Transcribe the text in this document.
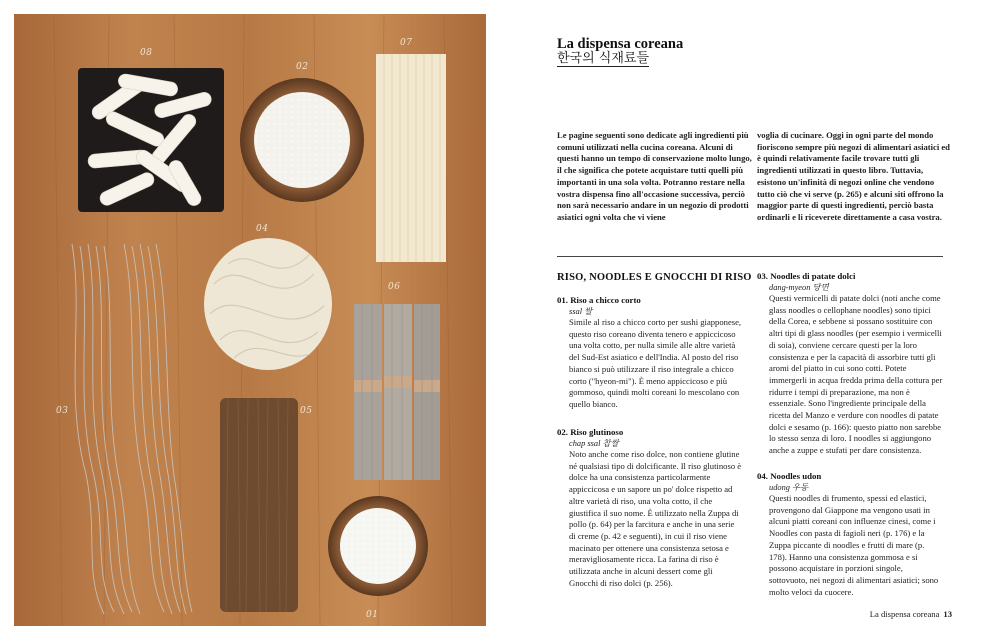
08
02
07
04
06
03	05
01
La dispensa coreana
한국의 식재료들

Le pagine seguenti sono dedicate agli ingredienti più comuni utilizzati nella cucina coreana. Alcuni di questi hanno un tempo di conservazione molto lungo, il che significa che potete acquistare tutti quelli più importanti in una sola volta. Potranno restare nella vostra dispensa fino all'occasione successiva, perciò non sarà necessario andare in un negozio di prodotti asiatici ogni volta che vi viene

voglia di cucinare. Oggi in ogni parte del mondo fioriscono sempre più negozi di alimentari asiatici ed è quindi relativamente facile trovare tutti gli ingredienti utilizzati in questo libro. Tuttavia, esistono un'infinità di negozi online che vendono tutto ciò che vi serve (p. 265) e alcuni siti offrono la maggior parte di questi ingredienti, perciò basta ordinarli e li riceverete direttamente a casa vostra.

RISO, NOODLES E GNOCCHI DI RISO
01. Riso a chicco corto

ssal 쌀

Simile al riso a chicco corto per sushi giapponese, questo riso coreano diventa tenero e appiccicoso una volta cotto, per nulla simile alle altre varietà del Sud-Est asiatico e dell'India. Al posto del riso bianco si può utilizzare il riso integrale a chicco corto ("hyeon-mi"). È meno appiccicoso e più gommoso, quindi molti coreani lo mescolano con quello bianco.

02. Riso glutinoso

chap ssal 찹쌀

Noto anche come riso dolce, non contiene glutine né qualsiasi tipo di dolcificante. Il riso glutinoso è dolce ha una consistenza particolarmente appiccicosa e un sapore un po' dolce rispetto ad altre varietà di riso, una volta cotto, il che giustifica il suo nome. È utilizzato nella Zuppa di pollo (p. 64) per la farcitura e anche in una serie di creme (p. 42 e seguenti), in cui il riso viene macinato per ottenere una consistenza setosa e meravigliosamente ricca. La farina di riso è utilizzata anche in alcuni dessert come gli Gnocchi di riso dolci (p. 256).

03. Noodles di patate dolci

dang-myeon 당면

Questi vermicelli di patate dolci (noti anche come glass noodles o cellophane noodles) sono tipici della Corea, e sebbene si possano sostituire con altri tipi di glass noodles (per esempio i vermicelli di soia), conviene cercare questi per la loro consistenza e per la capacità di assorbire tutti gli aromi del piatto in cui sono cotti. Potete immergerli in acqua fredda prima della cottura per ridurre i tempi di preparazione, ma non è essenziale. Sono l'ingrediente principale della ricetta del Manzo e verdure con noodles di patate dolci e sesamo (p. 166): questo piatto non sarebbe lo stesso senza di loro. I noodles si aggiungono anche a zuppe e stufati per dare consistenza.

04. Noodles udon

udong 우동

Questi noodles di frumento, spessi ed elastici, provengono dal Giappone ma vengono usati in alcuni piatti coreani con influenze cinesi, come i Noodles con pasta di fagioli neri (p. 176) e la Zuppa piccante di noodles e frutti di mare (p. 178). Hanno una consistenza gommosa e si possono acquistare in porzioni singole, sottovuoto, nei negozi di alimentari asiatici; sono molto veloci da cuocere.

La dispensa coreana 13
